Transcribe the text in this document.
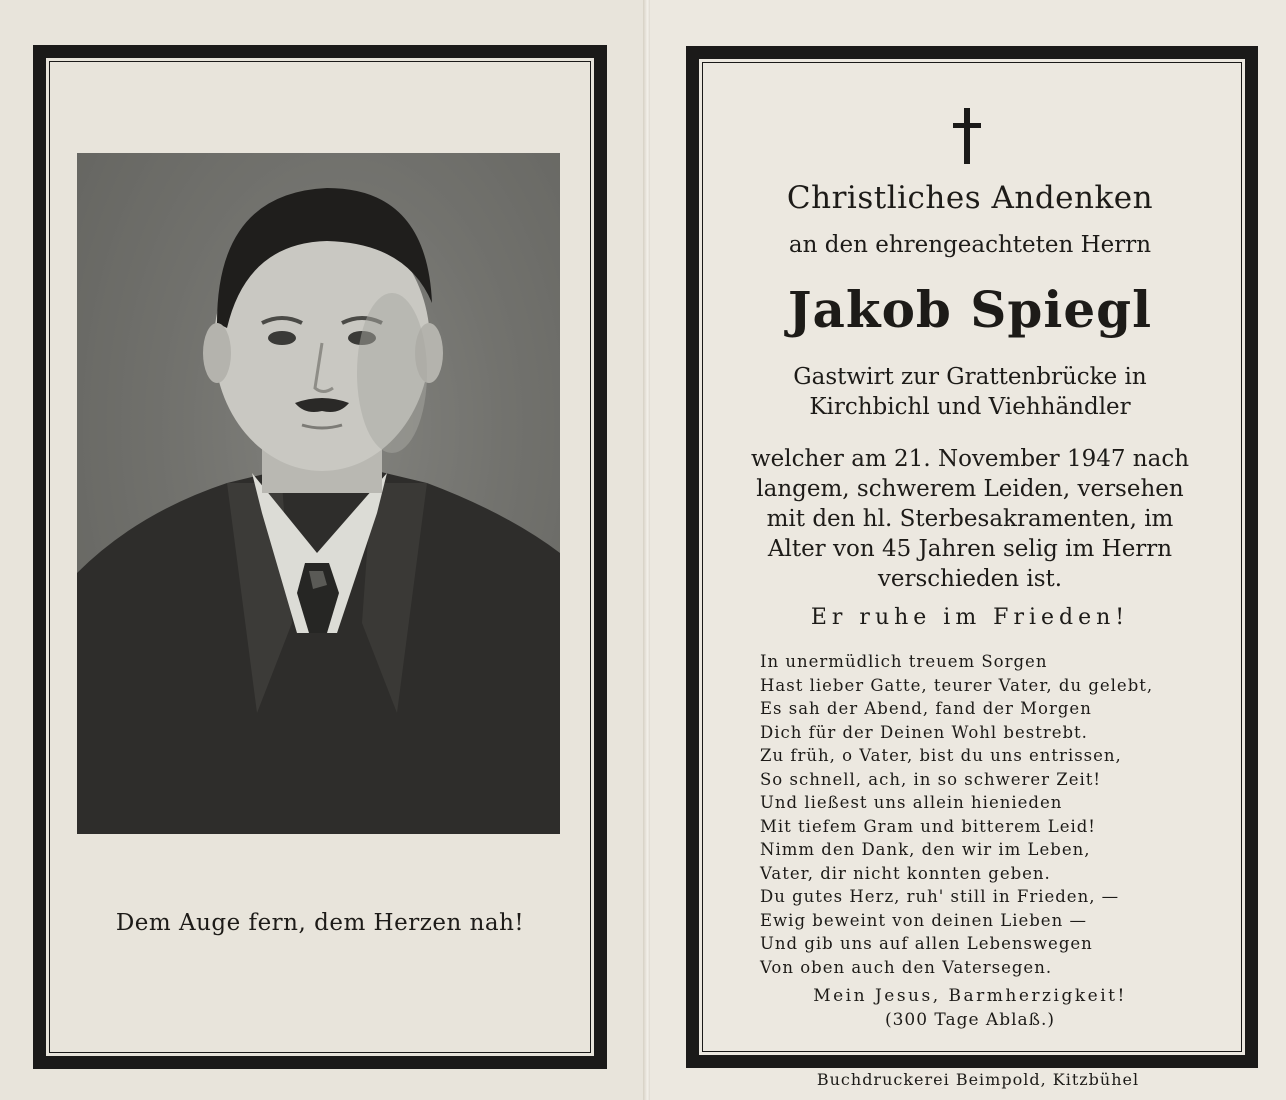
Dem Auge fern, dem Herzen nah!
Christliches Andenken
an den ehrengeachteten Herrn
Jakob Spiegl
Gastwirt zur Grattenbrücke in
Kirchbichl und Viehhändler
welcher am 21. November 1947 nach
langem, schwerem Leiden, versehen
mit den hl. Sterbesakramenten, im
Alter von 45 Jahren selig im Herrn
verschieden ist.
Er ruhe im Frieden!
In unermüdlich treuem Sorgen
Hast lieber Gatte, teurer Vater, du gelebt,
Es sah der Abend, fand der Morgen
Dich für der Deinen Wohl bestrebt.
Zu früh, o Vater, bist du uns entrissen,
So schnell, ach, in so schwerer Zeit!
Und ließest uns allein hienieden
Mit tiefem Gram und bitterem Leid!
Nimm den Dank, den wir im Leben,
Vater, dir nicht konnten geben.
Du gutes Herz, ruh' still in Frieden, —
Ewig beweint von deinen Lieben —
Und gib uns auf allen Lebenswegen
Von oben auch den Vatersegen.
Mein Jesus, Barmherzigkeit!
(300 Tage Ablaß.)
Buchdruckerei Beimpold, Kitzbühel
